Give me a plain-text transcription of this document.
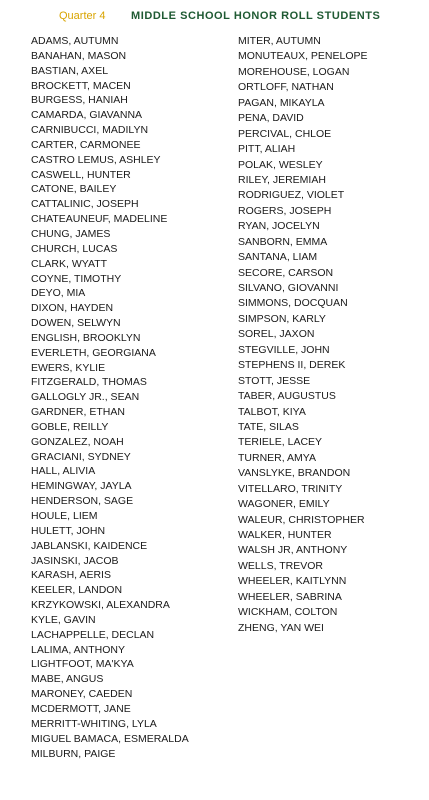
Quarter 4 MIDDLE SCHOOL HONOR ROLL STUDENTS
ADAMS, AUTUMN
BANAHAN, MASON
BASTIAN, AXEL
BROCKETT, MACEN
BURGESS, HANIAH
CAMARDA, GIAVANNA
CARNIBUCCI, MADILYN
CARTER, CARMONEE
CASTRO LEMUS, ASHLEY
CASWELL, HUNTER
CATONE, BAILEY
CATTALINIC, JOSEPH
CHATEAUNEUF, MADELINE
CHUNG, JAMES
CHURCH, LUCAS
CLARK, WYATT
COYNE, TIMOTHY
DEYO, MIA
DIXON, HAYDEN
DOWEN, SELWYN
ENGLISH, BROOKLYN
EVERLETH, GEORGIANA
EWERS, KYLIE
FITZGERALD, THOMAS
GALLOGLY JR., SEAN
GARDNER, ETHAN
GOBLE, REILLY
GONZALEZ, NOAH
GRACIANI, SYDNEY
HALL, ALIVIA
HEMINGWAY, JAYLA
HENDERSON, SAGE
HOULE, LIEM
HULETT, JOHN
JABLANSKI, KAIDENCE
JASINSKI, JACOB
KARASH, AERIS
KEELER, LANDON
KRZYKOWSKI, ALEXANDRA
KYLE, GAVIN
LACHAPPELLE, DECLAN
LALIMA, ANTHONY
LIGHTFOOT, MA'KYA
MABE, ANGUS
MARONEY, CAEDEN
MCDERMOTT, JANE
MERRITT-WHITING, LYLA
MIGUEL BAMACA, ESMERALDA
MILBURN, PAIGE
MITER, AUTUMN
MONUTEAUX, PENELOPE
MOREHOUSE, LOGAN
ORTLOFF, NATHAN
PAGAN, MIKAYLA
PENA, DAVID
PERCIVAL, CHLOE
PITT, ALIAH
POLAK, WESLEY
RILEY, JEREMIAH
RODRIGUEZ, VIOLET
ROGERS, JOSEPH
RYAN, JOCELYN
SANBORN, EMMA
SANTANA, LIAM
SECORE, CARSON
SILVANO, GIOVANNI
SIMMONS, DOCQUAN
SIMPSON, KARLY
SOREL, JAXON
STEGVILLE, JOHN
STEPHENS II, DEREK
STOTT, JESSE
TABER, AUGUSTUS
TALBOT, KIYA
TATE, SILAS
TERIELE, LACEY
TURNER, AMYA
VANSLYKE, BRANDON
VITELLARO, TRINITY
WAGONER, EMILY
WALEUR, CHRISTOPHER
WALKER, HUNTER
WALSH JR, ANTHONY
WELLS, TREVOR
WHEELER, KAITLYNN
WHEELER, SABRINA
WICKHAM, COLTON
ZHENG, YAN WEI
